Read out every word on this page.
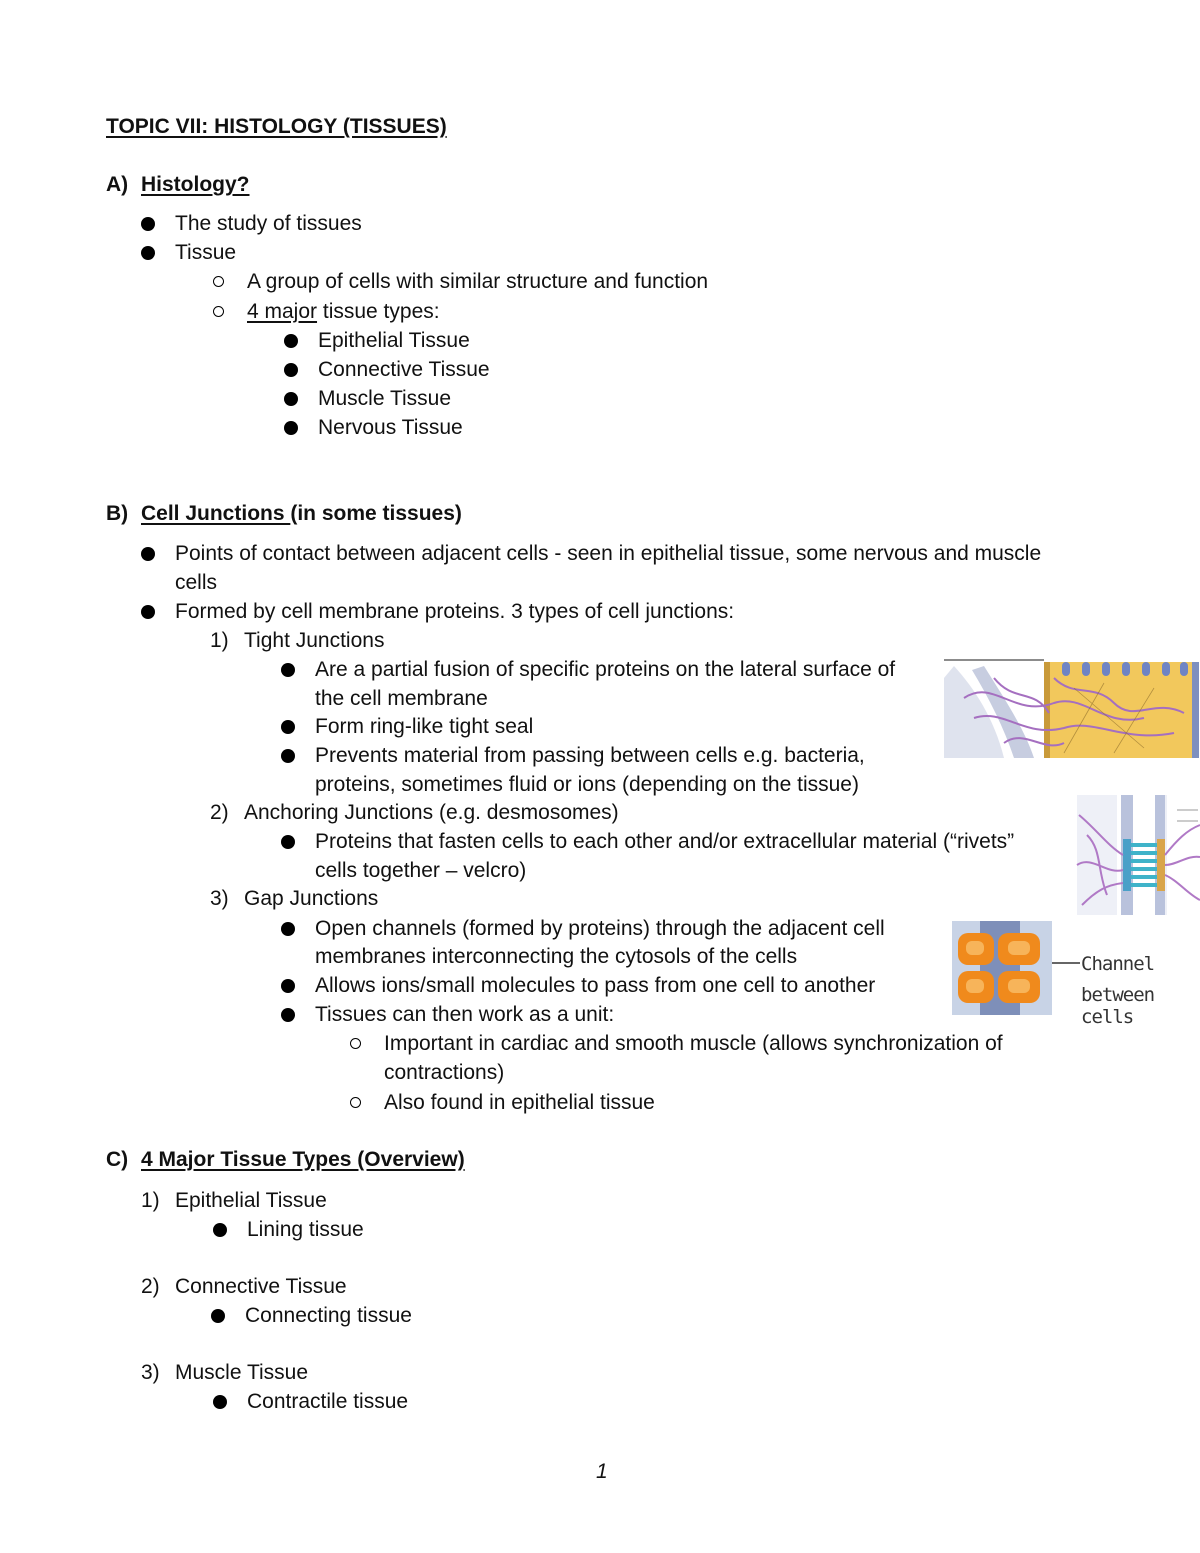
TOPIC VII: HISTOLOGY (TISSUES)
A) Histology?
The study of tissues
Tissue
A group of cells with similar structure and function
4 major tissue types:
Epithelial Tissue
Connective Tissue
Muscle Tissue
Nervous Tissue
B) Cell Junctions (in some tissues)
Points of contact between adjacent cells - seen in epithelial tissue, some nervous and muscle
cells
Formed by cell membrane proteins. 3 types of cell junctions:
1) Tight Junctions
Are a partial fusion of specific proteins on the lateral surface of
the cell membrane
Form ring-like tight seal
Prevents material from passing between cells e.g. bacteria,
proteins, sometimes fluid or ions (depending on the tissue)
2) Anchoring Junctions (e.g. desmosomes)
Proteins that fasten cells to each other and/or extracellular material (“rivets”
cells together – velcro)
3) Gap Junctions
Open channels (formed by proteins) through the adjacent cell
membranes interconnecting the cytosols of the cells
Allows ions/small molecules to pass from one cell to another
Tissues can then work as a unit:
Important in cardiac and smooth muscle (allows synchronization of
contractions)
Also found in epithelial tissue
Channel
between cells
C) 4 Major Tissue Types (Overview)
1) Epithelial Tissue
Lining tissue
2) Connective Tissue
Connecting tissue
3) Muscle Tissue
Contractile tissue
1
